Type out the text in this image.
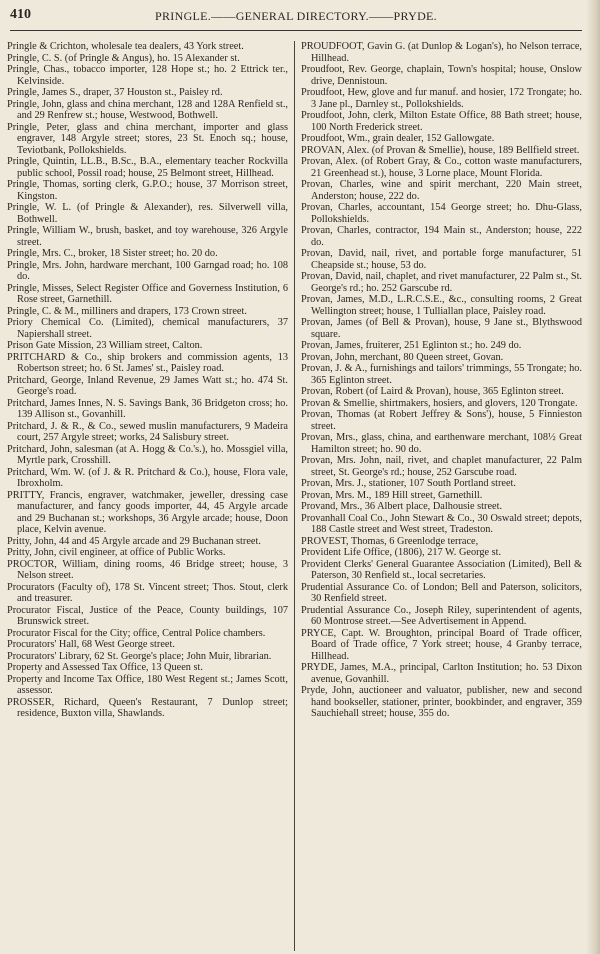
410	PRINGLE.——GENERAL DIRECTORY.——PRYDE.

Pringle & Crichton, wholesale tea dealers, 43 York street.

Pringle, C. S. (of Pringle & Angus), ho. 15 Alexander st.

Pringle, Chas., tobacco importer, 128 Hope st.; ho. 2 Ettrick ter., Kelvinside.

Pringle, James S., draper, 37 Houston st., Paisley rd.

Pringle, John, glass and china merchant, 128 and 128A Renfield st., and 29 Renfrew st.; house, Westwood, Bothwell.

Pringle, Peter, glass and china merchant, importer and glass engraver, 148 Argyle street; stores, 23 St. Enoch sq.; house, Teviotbank, Pollokshields.

Pringle, Quintin, LL.B., B.Sc., B.A., elementary teacher Rockvilla public school, Possil road; house, 25 Belmont street, Hillhead.

Pringle, Thomas, sorting clerk, G.P.O.; house, 37 Morrison street, Kingston.

Pringle, W. L. (of Pringle & Alexander), res. Silverwell villa, Bothwell.

Pringle, William W., brush, basket, and toy warehouse, 326 Argyle street.

Pringle, Mrs. C., broker, 18 Sister street; ho. 20 do.

Pringle, Mrs. John, hardware merchant, 100 Garngad road; ho. 108 do.

Pringle, Misses, Select Register Office and Governess Institution, 6 Rose street, Garnethill.

Pringle, C. & M., milliners and drapers, 173 Crown street.

Priory Chemical Co. (Limited), chemical manufacturers, 37 Napiershall street.

Prison Gate Mission, 23 William street, Calton.

PRITCHARD & Co., ship brokers and commission agents, 13 Robertson street; ho. 6 St. James' st., Paisley road.

Pritchard, George, Inland Revenue, 29 James Watt st.; ho. 474 St. George's road.

Pritchard, James Innes, N. S. Savings Bank, 36 Bridgeton cross; ho. 139 Allison st., Govanhill.

Pritchard, J. & R., & Co., sewed muslin manufacturers, 9 Madeira court, 257 Argyle street; works, 24 Salisbury street.

Pritchard, John, salesman (at A. Hogg & Co.'s.), ho. Mossgiel villa, Myrtle park, Crosshill.

Pritchard, Wm. W. (of J. & R. Pritchard & Co.), house, Flora vale, Ibroxholm.

PRITTY, Francis, engraver, watchmaker, jeweller, dressing case manufacturer, and fancy goods importer, 44, 45 Argyle arcade and 29 Buchanan st.; workshops, 36 Argyle arcade; house, Doon place, Kelvin avenue.

Pritty, John, 44 and 45 Argyle arcade and 29 Buchanan street.

Pritty, John, civil engineer, at office of Public Works.

PROCTOR, William, dining rooms, 46 Bridge street; house, 3 Nelson street.

Procurators (Faculty of), 178 St. Vincent street; Thos. Stout, clerk and treasurer.

Procurator Fiscal, Justice of the Peace, County buildings, 107 Brunswick street.

Procurator Fiscal for the City; office, Central Police chambers.

Procurators' Hall, 68 West George street.

Procurators' Library, 62 St. George's place; John Muir, librarian.

Property and Assessed Tax Office, 13 Queen st.

Property and Income Tax Office, 180 West Regent st.; James Scott, assessor.

PROSSER, Richard, Queen's Restaurant, 7 Dunlop street; residence, Buxton villa, Shawlands.

PROUDFOOT, Gavin G. (at Dunlop & Logan's), ho Nelson terrace, Hillhead.

Proudfoot, Rev. George, chaplain, Town's hospital; house, Onslow drive, Dennistoun.

Proudfoot, Hew, glove and fur manuf. and hosier, 172 Trongate; ho. 3 Jane pl., Darnley st., Pollokshields.

Proudfoot, John, clerk, Milton Estate Office, 88 Bath street; house, 100 North Frederick street.

Proudfoot, Wm., grain dealer, 152 Gallowgate.

PROVAN, Alex. (of Provan & Smellie), house, 189 Bellfield street.

Provan, Alex. (of Robert Gray, & Co., cotton waste manufacturers, 21 Greenhead st.), house, 3 Lorne place, Mount Florida.

Provan, Charles, wine and spirit merchant, 220 Main street, Anderston; house, 222 do.

Provan, Charles, accountant, 154 George street; ho. Dhu-Glass, Pollokshields.

Provan, Charles, contractor, 194 Main st., Anderston; house, 222 do.

Provan, David, nail, rivet, and portable forge manufacturer, 51 Cheapside st.; house, 53 do.

Provan, David, nail, chaplet, and rivet manufacturer, 22 Palm st., St. George's rd.; ho. 252 Garscube rd.

Provan, James, M.D., L.R.C.S.E., &c., consulting rooms, 2 Great Wellington street; house, 1 Tulliallan place, Paisley road.

Provan, James (of Bell & Provan), house, 9 Jane st., Blythswood square.

Provan, James, fruiterer, 251 Eglinton st.; ho. 249 do.

Provan, John, merchant, 80 Queen street, Govan.

Provan, J. & A., furnishings and tailors' trimmings, 55 Trongate; ho. 365 Eglinton street.

Provan, Robert (of Laird & Provan), house, 365 Eglinton street.

Provan & Smellie, shirtmakers, hosiers, and glovers, 120 Trongate.

Provan, Thomas (at Robert Jeffrey & Sons'), house, 5 Finnieston street.

Provan, Mrs., glass, china, and earthenware merchant, 108½ Great Hamilton street; ho. 90 do.

Provan, Mrs. John, nail, rivet, and chaplet manufacturer, 22 Palm street, St. George's rd.; house, 252 Garscube road.

Provan, Mrs. J., stationer, 107 South Portland street.

Provan, Mrs. M., 189 Hill street, Garnethill.

Provand, Mrs., 36 Albert place, Dalhousie street.

Provanhall Coal Co., John Stewart & Co., 30 Oswald street; depots, 188 Castle street and West street, Tradeston.

PROVEST, Thomas, 6 Greenlodge terrace,

Provident Life Office, (1806), 217 W. George st.

Provident Clerks' General Guarantee Association (Limited), Bell & Paterson, 30 Renfield st., local secretaries.

Prudential Assurance Co. of London; Bell and Paterson, solicitors, 30 Renfield street.

Prudential Assurance Co., Joseph Riley, superintendent of agents, 60 Montrose street.—See Advertisement in Append.

PRYCE, Capt. W. Broughton, principal Board of Trade officer, Board of Trade office, 7 York street; house, 4 Granby terrace, Hillhead.

PRYDE, James, M.A., principal, Carlton Institution; ho. 53 Dixon avenue, Govanhill.

Pryde, John, auctioneer and valuator, publisher, new and second hand bookseller, stationer, printer, bookbinder, and engraver, 359 Sauchiehall street; house, 355 do.
